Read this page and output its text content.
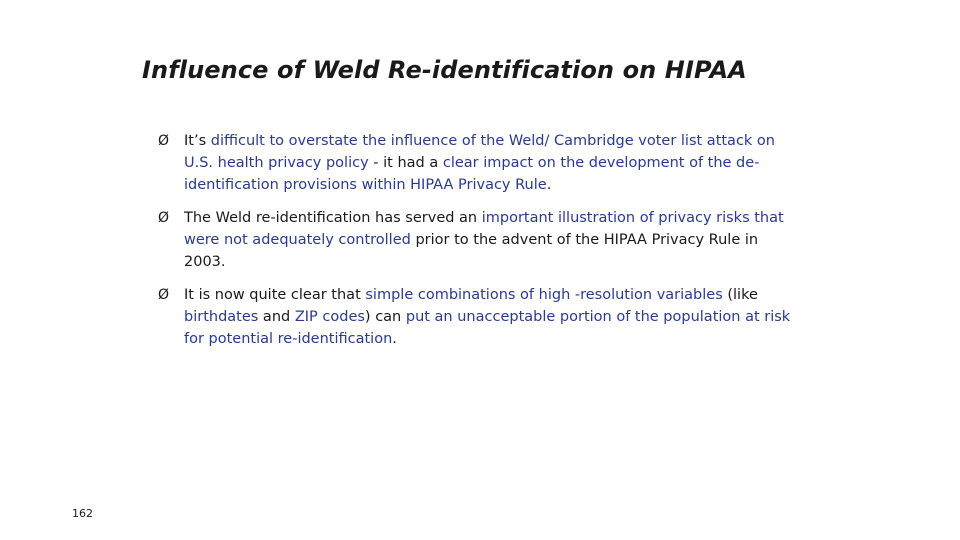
Influence of Weld Re-identification on HIPAA
Ø It’s difficult to overstate the influence of the Weld/ Cambridge voter list attack on U.S. health privacy policy - it had a clear impact on the development of the de-identification provisions within HIPAA Privacy Rule.
Ø The Weld re-identification has served an important illustration of privacy risks that were not adequately controlled prior to the advent of the HIPAA Privacy Rule in 2003.
Ø It is now quite clear that simple combinations of high -resolution variables (like birthdates and ZIP codes) can put an unacceptable portion of the population at risk for potential re-identification.
162
